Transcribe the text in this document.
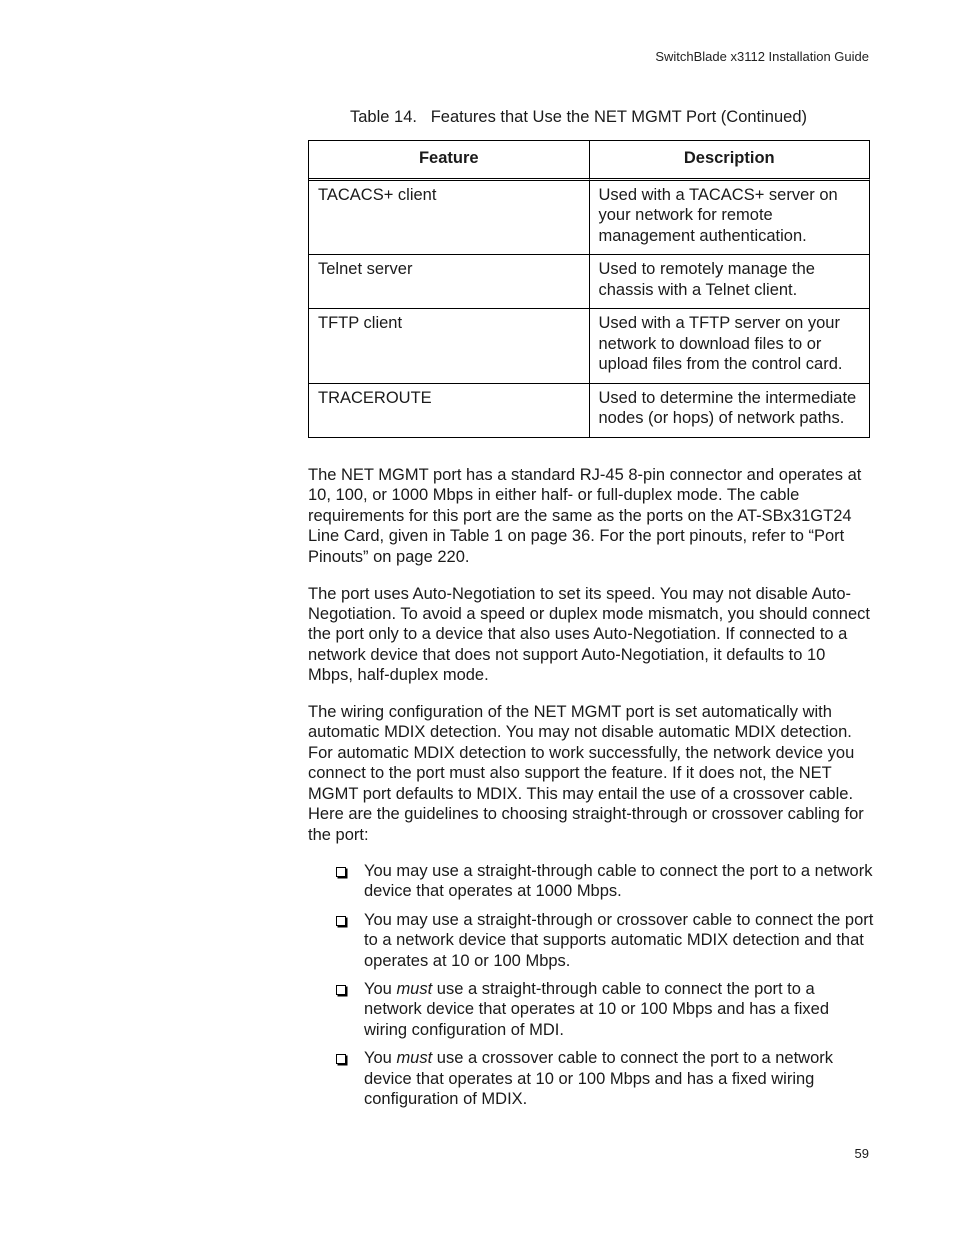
SwitchBlade x3112 Installation Guide
Table 14.   Features that Use the NET MGMT Port (Continued)
Feature	Description
TACACS+ client	Used with a TACACS+ server on your network for remote management authentication.
Telnet server	Used to remotely manage the chassis with a Telnet client.
TFTP client	Used with a TFTP server on your network to download files to or upload files from the control card.
TRACEROUTE	Used to determine the intermediate nodes (or hops) of network paths.

The NET MGMT port has a standard RJ-45 8-pin connector and operates at 10, 100, or 1000 Mbps in either half- or full-duplex mode. The cable requirements for this port are the same as the ports on the AT-SBx31GT24 Line Card, given in Table 1 on page 36. For the port pinouts, refer to “Port Pinouts” on page 220.

The port uses Auto-Negotiation to set its speed. You may not disable Auto-Negotiation. To avoid a speed or duplex mode mismatch, you should connect the port only to a device that also uses Auto-Negotiation. If connected to a network device that does not support Auto-Negotiation, it defaults to 10 Mbps, half-duplex mode.

The wiring configuration of the NET MGMT port is set automatically with automatic MDIX detection. You may not disable automatic MDIX detection. For automatic MDIX detection to work successfully, the network device you connect to the port must also support the feature. If it does not, the NET MGMT port defaults to MDIX. This may entail the use of a crossover cable. Here are the guidelines to choosing straight-through or crossover cabling for the port:

You may use a straight-through cable to connect the port to a network device that operates at 1000 Mbps.
You may use a straight-through or crossover cable to connect the port to a network device that supports automatic MDIX detection and that operates at 10 or 100 Mbps.
You must use a straight-through cable to connect the port to a network device that operates at 10 or 100 Mbps and has a fixed wiring configuration of MDI.
You must use a crossover cable to connect the port to a network device that operates at 10 or 100 Mbps and has a fixed wiring configuration of MDIX.
59
